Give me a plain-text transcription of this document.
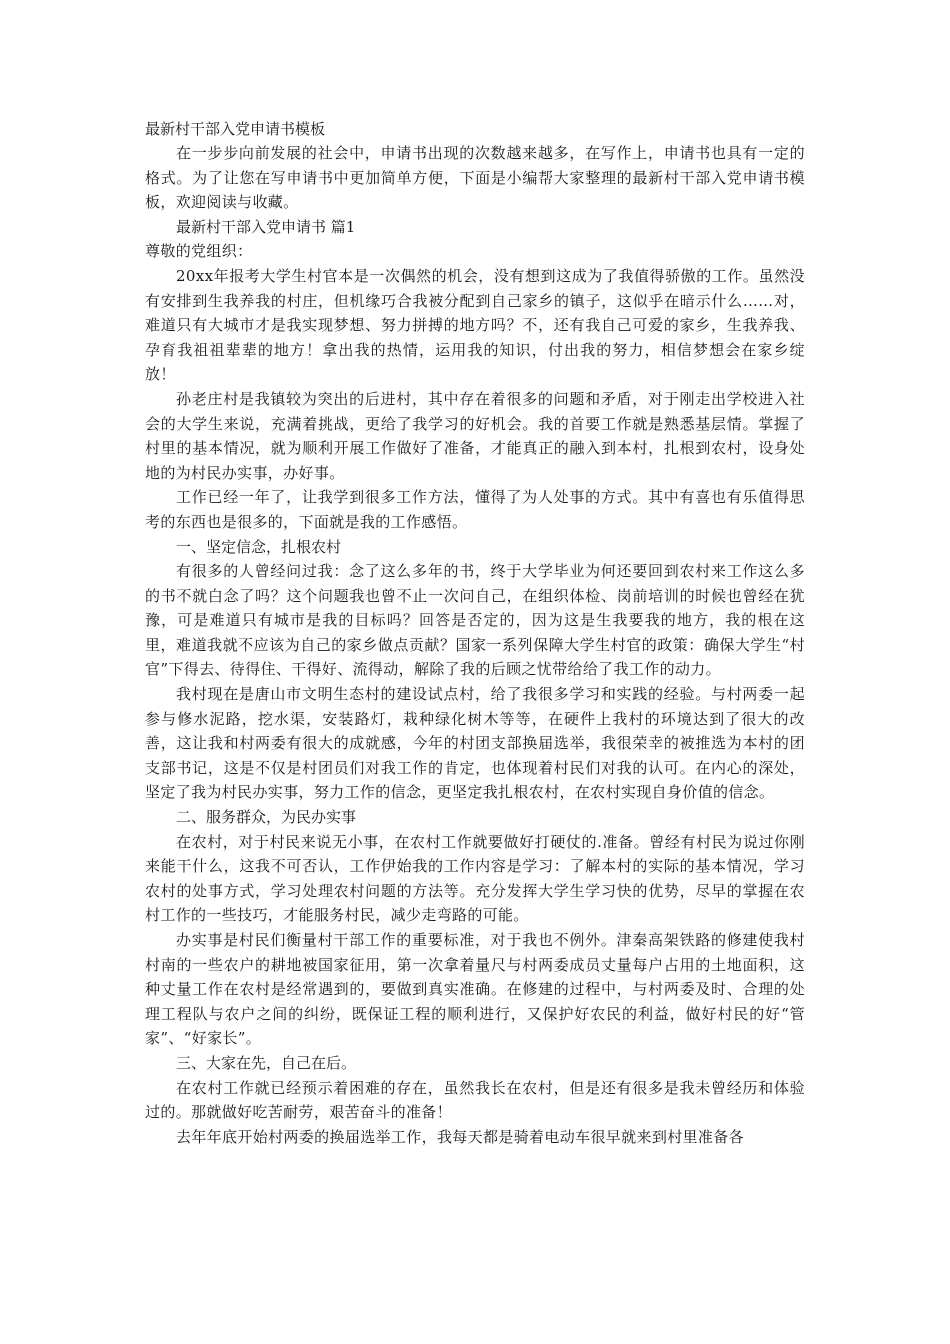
最新村干部入党申请书模板

在一步步向前发展的社会中，申请书出现的次数越来越多，在写作上，申请书也具有一定的格式。为了让您在写申请书中更加简单方便，下面是小编帮大家整理的最新村干部入党申请书模板，欢迎阅读与收藏。

最新村干部入党申请书 篇1

尊敬的党组织：

20xx年报考大学生村官本是一次偶然的机会，没有想到这成为了我值得骄傲的工作。虽然没有安排到生我养我的村庄，但机缘巧合我被分配到自己家乡的镇子，这似乎在暗示什么……对，难道只有大城市才是我实现梦想、努力拼搏的地方吗？不，还有我自己可爱的家乡，生我养我、孕育我祖祖辈辈的地方！拿出我的热情，运用我的知识，付出我的努力，相信梦想会在家乡绽放！

孙老庄村是我镇较为突出的后进村，其中存在着很多的问题和矛盾，对于刚走出学校进入社会的大学生来说，充满着挑战，更给了我学习的好机会。我的首要工作就是熟悉基层情。掌握了村里的基本情况，就为顺利开展工作做好了准备，才能真正的融入到本村，扎根到农村，设身处地的为村民办实事，办好事。

工作已经一年了，让我学到很多工作方法，懂得了为人处事的方式。其中有喜也有乐值得思考的东西也是很多的，下面就是我的工作感悟。

一、坚定信念，扎根农村

有很多的人曾经问过我：念了这么多年的书，终于大学毕业为何还要回到农村来工作这么多的书不就白念了吗？这个问题我也曾不止一次问自己，在组织体检、岗前培训的时候也曾经在犹豫，可是难道只有城市是我的目标吗？回答是否定的，因为这是生我要我的地方，我的根在这里，难道我就不应该为自己的家乡做点贡献？国家一系列保障大学生村官的政策：确保大学生“村官”下得去、待得住、干得好、流得动，解除了我的后顾之忧带给给了我工作的动力。

我村现在是唐山市文明生态村的建设试点村，给了我很多学习和实践的经验。与村两委一起参与修水泥路，挖水渠，安装路灯，栽种绿化树木等等，在硬件上我村的环境达到了很大的改善，这让我和村两委有很大的成就感，今年的村团支部换届选举，我很荣幸的被推选为本村的团支部书记，这是不仅是村团员们对我工作的肯定，也体现着村民们对我的认可。在内心的深处，坚定了我为村民办实事，努力工作的信念，更坚定我扎根农村，在农村实现自身价值的信念。

二、服务群众，为民办实事

在农村，对于村民来说无小事，在农村工作就要做好打硬仗的.准备。曾经有村民为说过你刚来能干什么，这我不可否认，工作伊始我的工作内容是学习：了解本村的实际的基本情况，学习农村的处事方式，学习处理农村问题的方法等。充分发挥大学生学习快的优势，尽早的掌握在农村工作的一些技巧，才能服务村民，减少走弯路的可能。

办实事是村民们衡量村干部工作的重要标准，对于我也不例外。津秦高架铁路的修建使我村村南的一些农户的耕地被国家征用，第一次拿着量尺与村两委成员丈量每户占用的土地面积，这种丈量工作在农村是经常遇到的，要做到真实准确。在修建的过程中，与村两委及时、合理的处理工程队与农户之间的纠纷，既保证工程的顺利进行，又保护好农民的利益，做好村民的好“管家”、“好家长”。

三、大家在先，自己在后。

在农村工作就已经预示着困难的存在，虽然我长在农村，但是还有很多是我未曾经历和体验过的。那就做好吃苦耐劳，艰苦奋斗的准备！

去年年底开始村两委的换届选举工作，我每天都是骑着电动车很早就来到村里准备各
